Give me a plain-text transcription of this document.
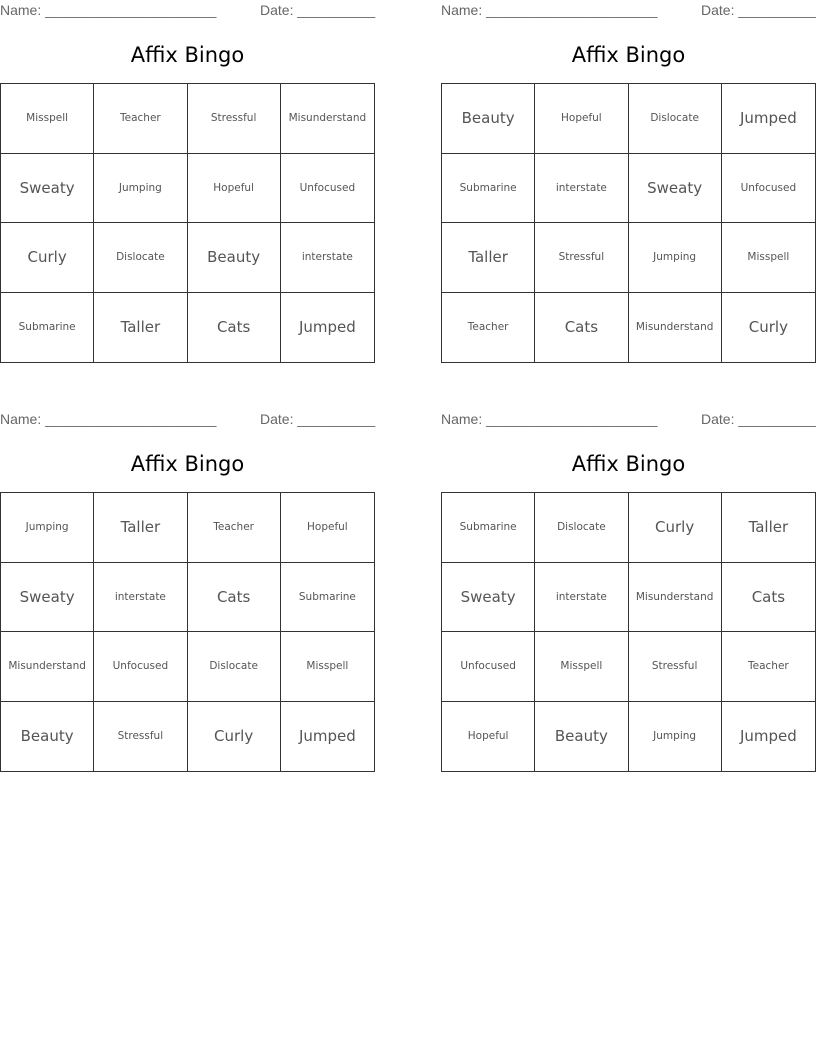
Name: ______________________	Date: __________
Affix Bingo
Misspell	Teacher	Stressful	Misunderstand
Sweaty	Jumping	Hopeful	Unfocused
Curly	Dislocate	Beauty	interstate
Submarine	Taller	Cats	Jumped
Name: ______________________	Date: __________
Affix Bingo
Beauty	Hopeful	Dislocate	Jumped
Submarine	interstate	Sweaty	Unfocused
Taller	Stressful	Jumping	Misspell
Teacher	Cats	Misunderstand	Curly
Name: ______________________	Date: __________
Affix Bingo
Jumping	Taller	Teacher	Hopeful
Sweaty	interstate	Cats	Submarine
Misunderstand	Unfocused	Dislocate	Misspell
Beauty	Stressful	Curly	Jumped
Name: ______________________	Date: __________
Affix Bingo
Submarine	Dislocate	Curly	Taller
Sweaty	interstate	Misunderstand	Cats
Unfocused	Misspell	Stressful	Teacher
Hopeful	Beauty	Jumping	Jumped
